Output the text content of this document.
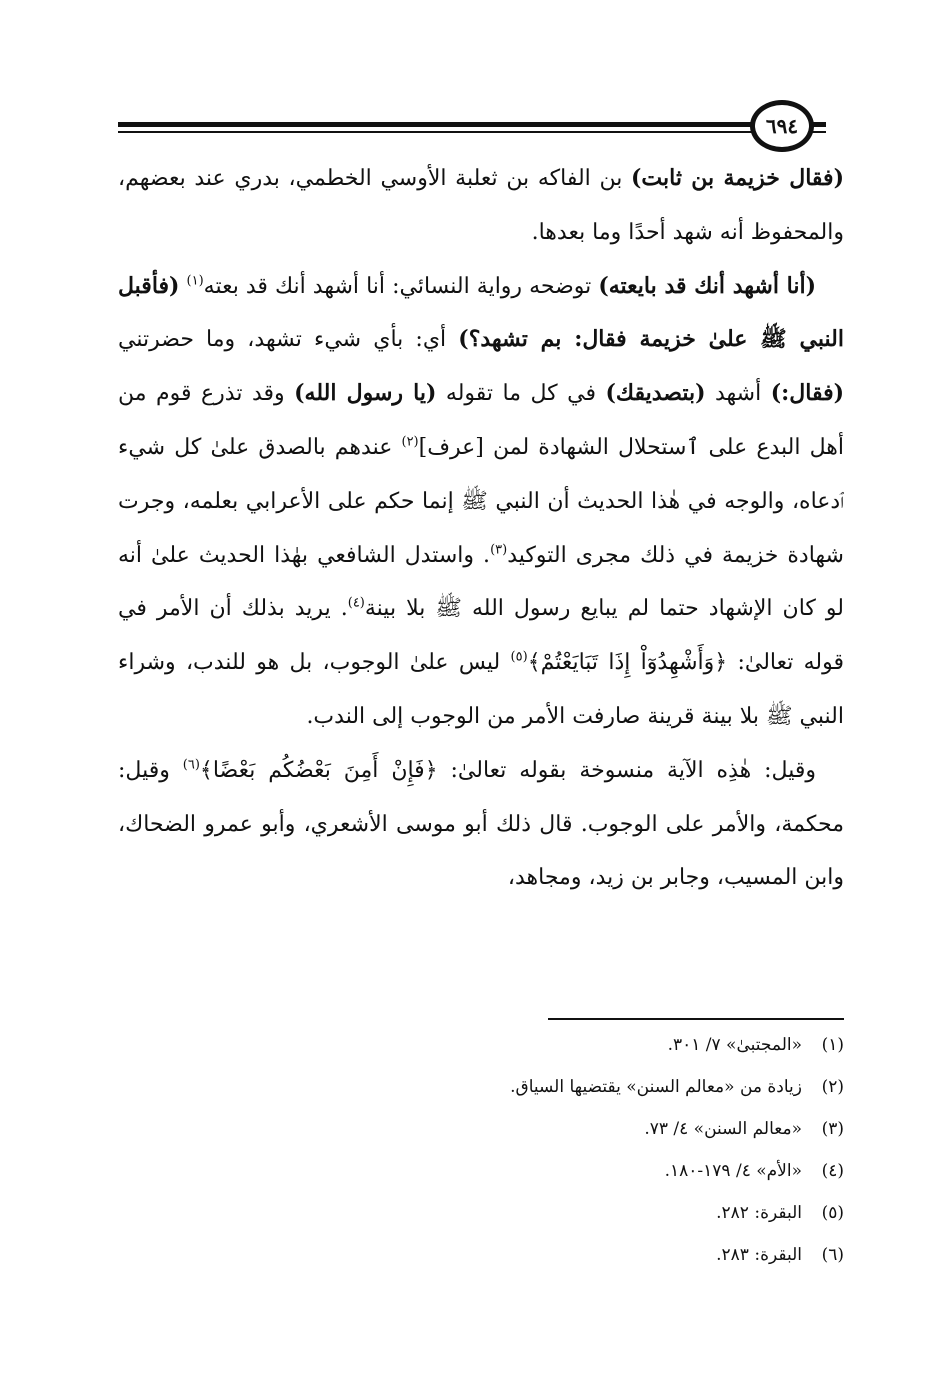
٦٩٤

(فقال خزيمة بن ثابت) بن الفاكه بن ثعلبة الأوسي الخطمي، بدري عند بعضهم، والمحفوظ أنه شهد أحدًا وما بعدها.

(أنا أشهد أنك قد بايعته) توضحه رواية النسائي: أنا أشهد أنك قد بعته$^{(١)}$ (فأقبل النبي ﷺ علىٰ خزيمة فقال: بم تشهد؟) أي: بأي شيء تشهد، وما حضرتني (فقال:) أشهد (بتصديقك) في كل ما تقوله (يا رسول الله) وقد تذرع قوم من أهل البدع على ٱستحلال الشهادة لمن [عرف]$^{(٢)}$ عندهم بالصدق علىٰ كل شيء ٱدعاه، والوجه في هٰذا الحديث أن النبي ﷺ إنما حكم على الأعرابي بعلمه، وجرت شهادة خزيمة في ذلك مجرى التوكيد$^{(٣)}$. واستدل الشافعي بهٰذا الحديث علىٰ أنه لو كان الإشهاد حتما لم يبايع رسول الله ﷺ بلا بينة$^{(٤)}$. يريد بذلك أن الأمر في قوله تعالىٰ: ﴿وَأَشْهِدُوٓاْ إِذَا تَبَايَعْتُمْ﴾$^{(٥)}$ ليس علىٰ الوجوب، بل هو للندب، وشراء النبي ﷺ بلا بينة قرينة صارفت الأمر من الوجوب إلى الندب.

وقيل: هٰذِه الآية منسوخة بقوله تعالىٰ: ﴿فَإِنْ أَمِنَ بَعْضُكُم بَعْضًا﴾$^{(٦)}$ وقيل: محكمة، والأمر على الوجوب. قال ذلك أبو موسى الأشعري، وأبو عمرو الضحاك، وابن المسيب، وجابر بن زيد، ومجاهد،

(١)
«المجتبىٰ» ٧/ ٣٠١.
(٢)
زيادة من «معالم السنن» يقتضيها السياق.
(٣)
«معالم السنن» ٤/ ٧٣.
(٤)
«الأم» ٤/ ١٧٩-١٨٠.
(٥)
البقرة: ٢٨٢.
(٦)
البقرة: ٢٨٣.
